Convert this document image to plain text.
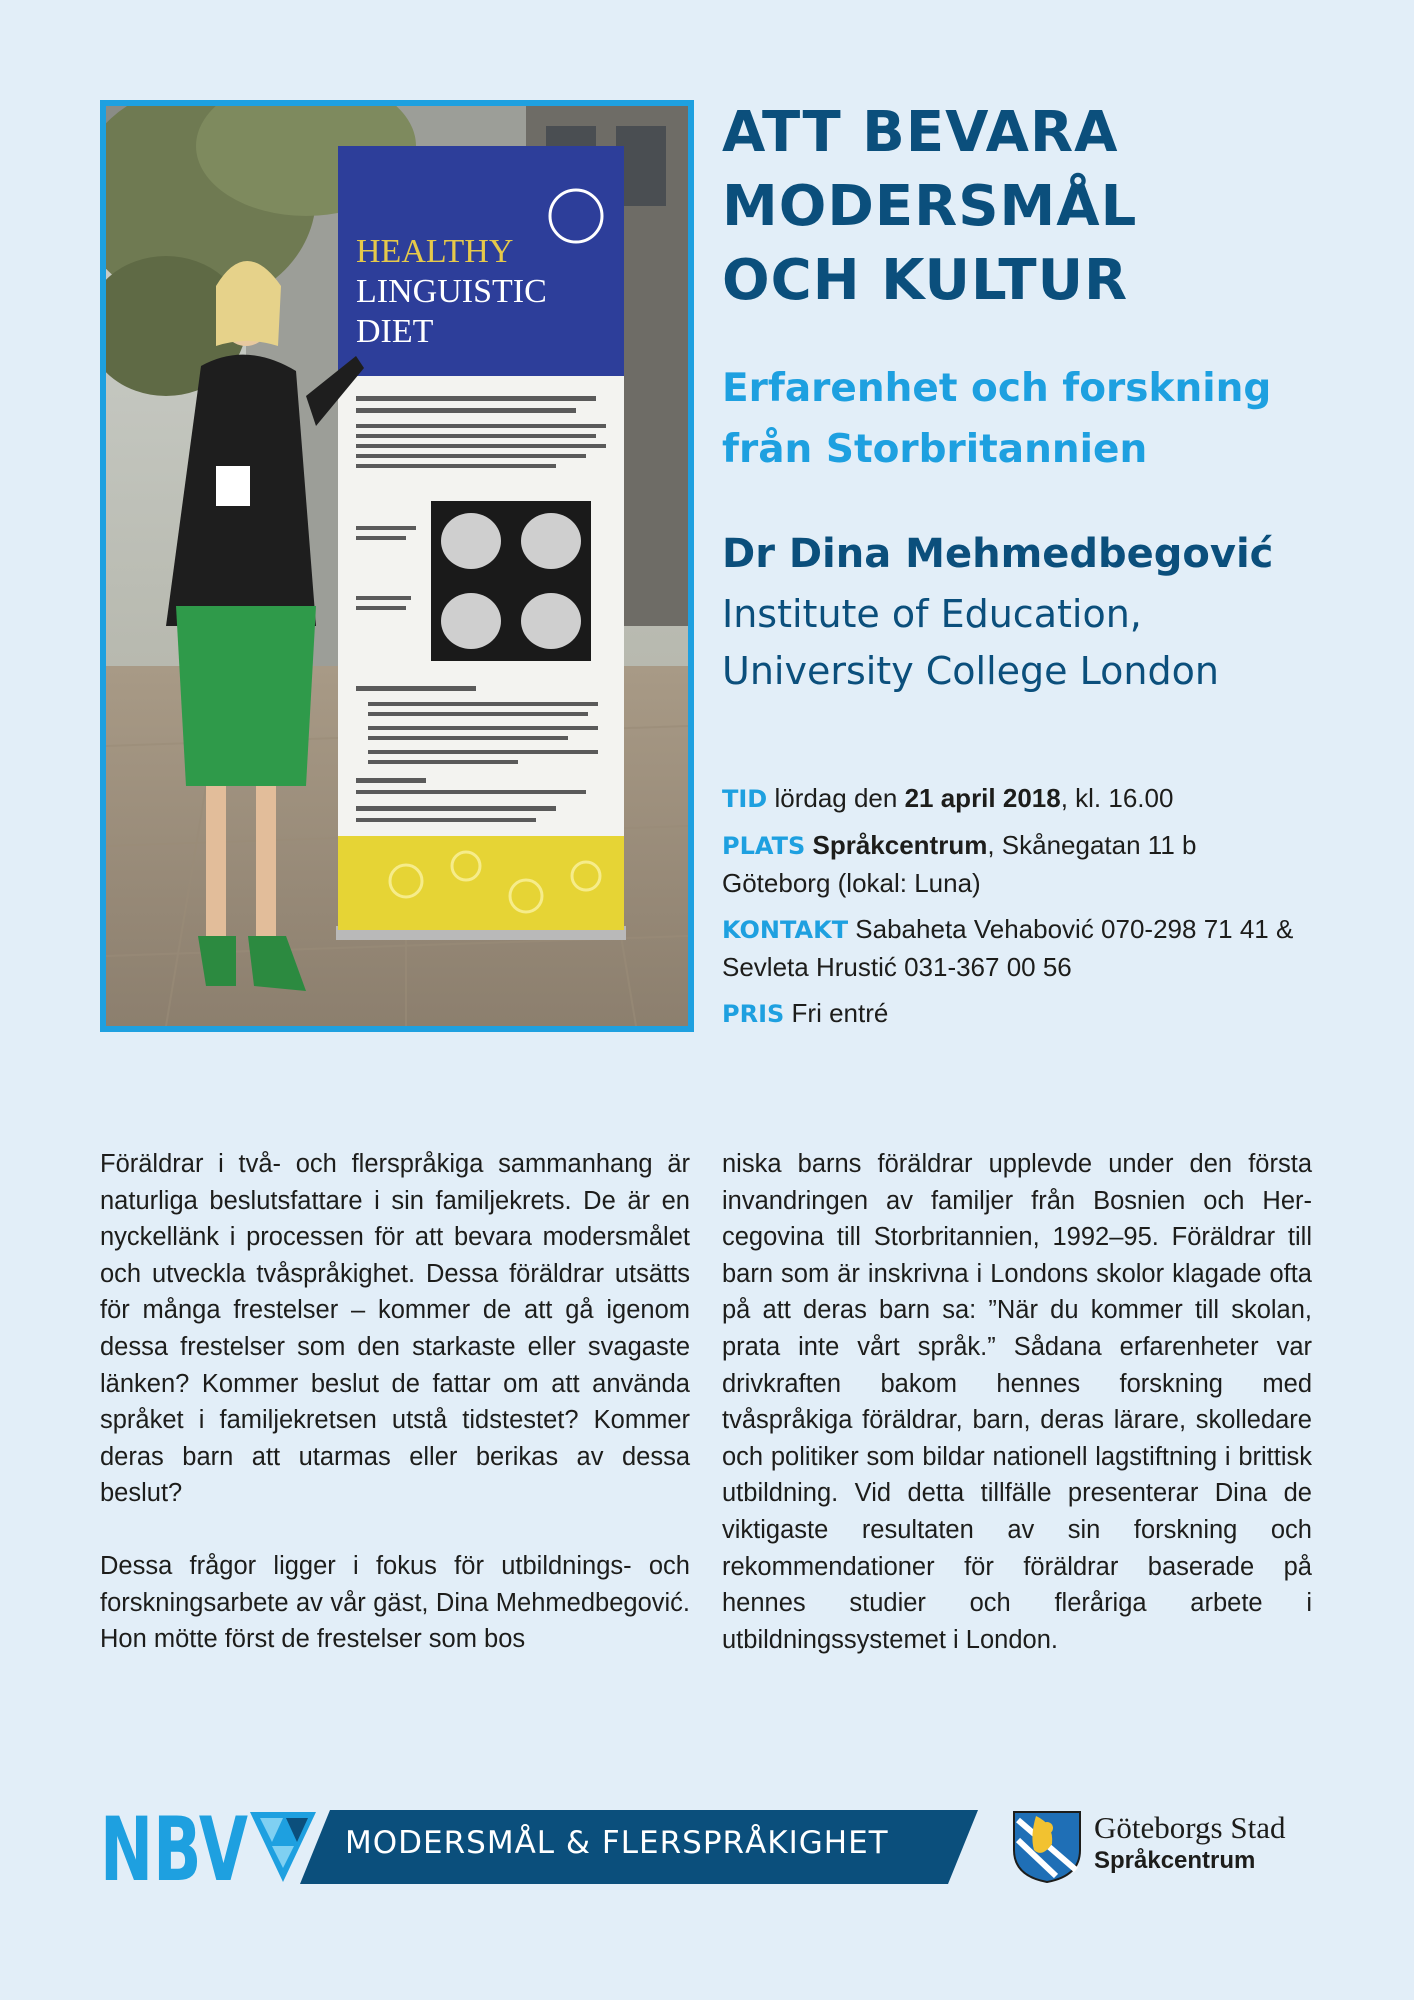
HEALTHY
LINGUISTIC
DIET
ATT BEVARA
MODERSMÅL
OCH KULTUR
Erfarenhet och forskning
från Storbritannien
Dr Dina Mehmedbegović
Institute of Education,
University College London
TID lördag den 21 april 2018, kl. 16.00
PLATS Språkcentrum, Skånegatan 11 b
Göteborg (lokal: Luna)
KONTAKT Sabaheta Vehabović 070-298 71 41 &
Sevleta Hrustić 031-367 00 56
PRIS Fri entré

Föräldrar i två- och flerspråkiga sammanhang är naturliga beslutsfattare i sin familjekrets. De är en nyckellänk i processen för att bevara modersmålet och utveckla tvåspråkighet. Dessa föräldrar utsätts för många frestelser – kommer de att gå igenom dessa frestelser som den starkaste eller svagaste länken? Kommer beslut de fattar om att använda språket i familjekretsen utstå tidstestet? Kommer deras barn att utarmas eller berikas av dessa beslut?

Dessa frågor ligger i fokus för utbildnings- och forskningsarbete av vår gäst, Dina Mehmedbegović. Hon mötte först de frestelser som bos

niska barns föräldrar upplevde under den första invandringen av familjer från Bosnien och Hercegovina till Storbritannien, 1992–95. Föräldrar till barn som är inskrivna i Londons skolor klagade ofta på att deras barn sa: ”När du kommer till skolan, prata inte vårt språk.” Sådana erfarenheter var drivkraften bakom hennes forskning med tvåspråkiga föräldrar, barn, deras lärare, skolledare och politiker som bildar nationell lagstiftning i brittisk utbildning. Vid detta tillfälle presenterar Dina de viktigaste resultaten av sin forskning och rekommendationer för föräldrar baserade på hennes studier och fleråriga arbete i utbildningssystemet i London.

NBV	MODERSMÅL & FLERSPRÅKIGHET	Göteborgs Stad
Språkcentrum
